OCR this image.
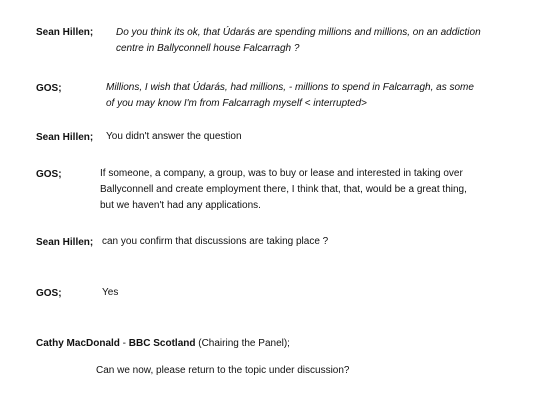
Sean Hillen; Do you think its ok, that Údarás are spending millions and millions, on an addiction
centre in Ballyconnell house Falcarragh ?
GOS;	Millions, I wish that Údarás, had millions, - millions to spend in Falcarragh, as some
of you may know I'm from Falcarragh myself < interrupted>
Sean Hillen; You didn't answer the question
GOS;	If someone, a company, a group, was to buy or lease and interested in taking over
Ballyconnell and create employment there, I think that, that, would be a great thing,
but we haven't had any applications.
Sean Hillen; can you confirm that discussions are taking place ?
GOS;	Yes
Cathy MacDonald - BBC Scotland (Chairing the Panel);
Can we now, please return to the topic under discussion?
